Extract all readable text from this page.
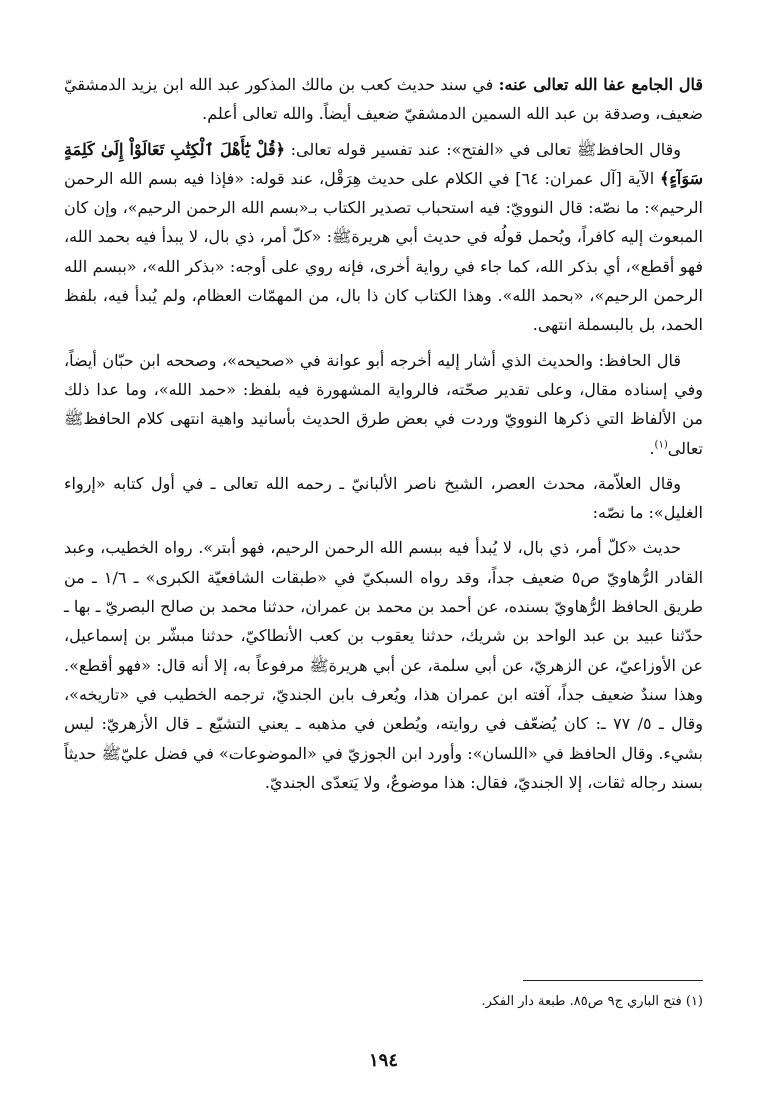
قال الجامع عفا الله تعالى عنه: في سند حديث كعب بن مالك المذكور عبد الله ابن يزيد الدمشقيّ ضعيف، وصدقة بن عبد الله السمين الدمشقيّ ضعيف أيضاً. والله تعالى أعلم.

وقال الحافظﷺ تعالى في «الفتح»: عند تفسير قوله تعالى: ﴿قُلْ يَٰٓأَهْلَ ٱلْكِتَٰبِ تَعَالَوْاْ إِلَىٰ كَلِمَةٍ سَوَآءٍ﴾ الآية [آل عمران: ٦٤] في الكلام على حديث هِرَقْل، عند قوله: «فإذا فيه بسم الله الرحمن الرحيم»: ما نصّه: قال النوويّ: فيه استحباب تصدير الكتاب بـ«بسم الله الرحمن الرحيم»، وإن كان المبعوث إليه كافراً، ويُحمل قولُه في حديث أبي هريرةﷺ: «كلّ أمر، ذي بال، لا يبدأ فيه بحمد الله، فهو أقطع»، أي بذكر الله، كما جاء في رواية أخرى، فإنه روي على أوجه: «بذكر الله»، «ببسم الله الرحمن الرحيم»، «بحمد الله». وهذا الكتاب كان ذا بال، من المهمّات العظام، ولم يُبدأ فيه، بلفظ الحمد، بل بالبسملة انتهى.

قال الحافظ: والحديث الذي أشار إليه أخرجه أبو عوانة في «صحيحه»، وصححه ابن حبّان أيضاً، وفي إسناده مقال، وعلى تقدير صحّته، فالرواية المشهورة فيه بلفظ: «حمد الله»، وما عدا ذلك من الألفاظ التي ذكرها النوويّ وردت في بعض طرق الحديث بأسانيد واهية انتهى كلام الحافظﷺ تعالى$^{(١)}$.

وقال العلاّمة، محدث العصر، الشيخ ناصر الألبانيّ ـ رحمه الله تعالى ـ في أول كتابه «إرواء الغليل»: ما نصّه:

حديث «كلّ أمر، ذي بال، لا يُبدأ فيه ببسم الله الرحمن الرحيم، فهو أبتر». رواه الخطيب، وعبد القادر الرُّهاويّ ص٥ ضعيف جداً، وقد رواه السبكيّ في «طبقات الشافعيّة الكبرى» ـ ١/٦ ـ من طريق الحافظ الرُّهاويّ بسنده، عن أحمد بن محمد بن عمران، حدثنا محمد بن صالح البصريّ ـ بها ـ حدّثنا عبيد بن عبد الواحد بن شريك، حدثنا يعقوب بن كعب الأنطاكيّ، حدثنا مبشّر بن إسماعيل، عن الأوزاعيّ، عن الزهريّ، عن أبي سلمة، عن أبي هريرةﷺ مرفوعاً به، إلا أنه قال: «فهو أقطع». وهذا سندٌ ضعيف جداً، آفته ابن عمران هذا، ويُعرف بابن الجنديّ، ترجمه الخطيب في «تاريخه»، وقال ـ ٥/ ٧٧ ـ: كان يُضعّف في روايته، ويُطعن في مذهبه ـ يعني التشيّع ـ قال الأزهريّ: ليس بشيء. وقال الحافظ في «اللسان»: وأورد ابن الجوزيّ في «الموضوعات» في فضل عليّﷺ حديثاً بسند رجاله ثقات، إلا الجنديّ، فقال: هذا موضوعٌ، ولا يَتعدّى الجنديّ.

(١) فتح الباري ج٩ ص٨٥. طبعة دار الفكر.
١٩٤
